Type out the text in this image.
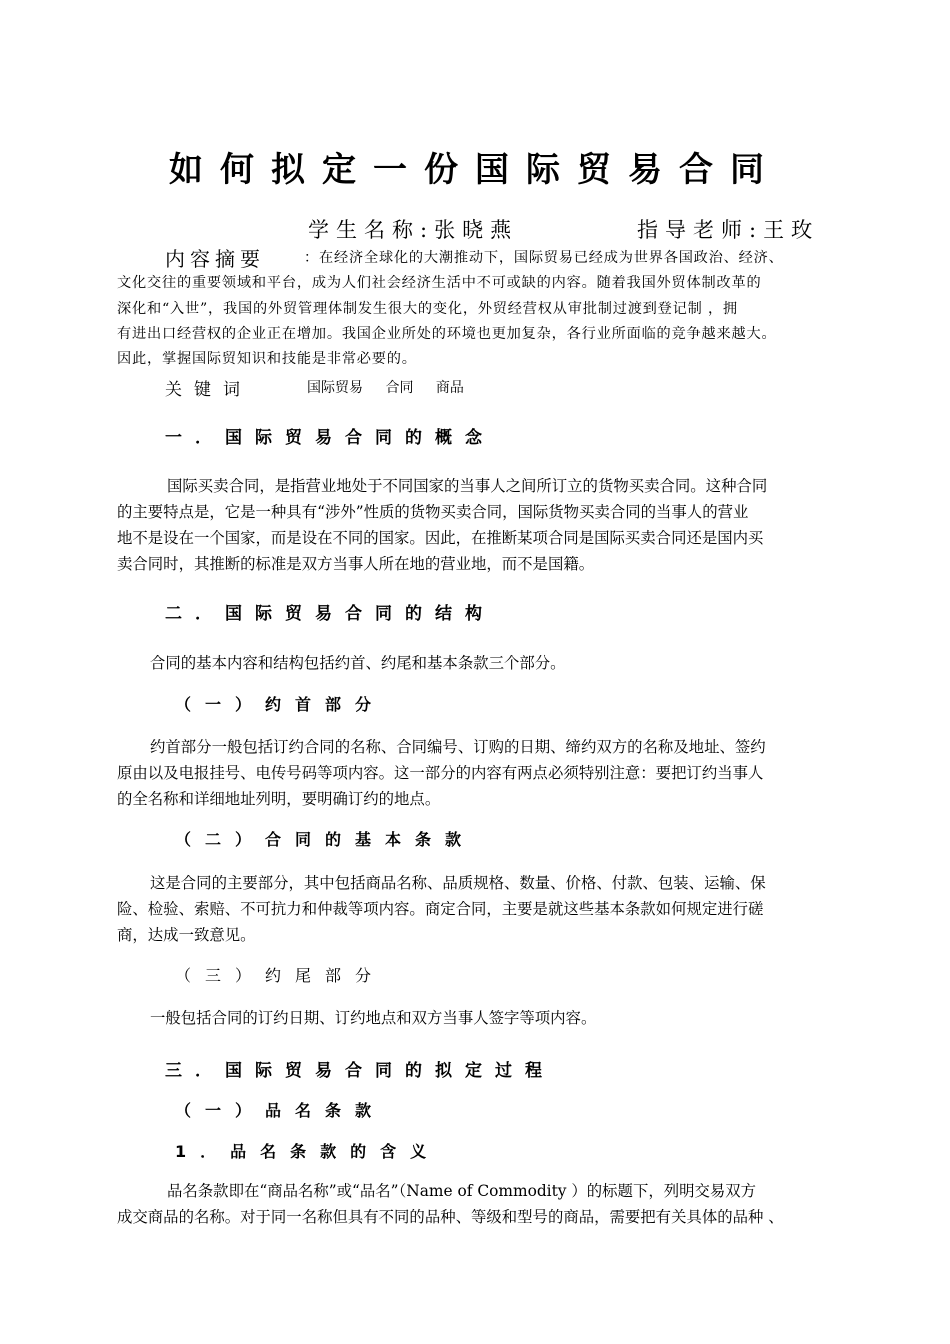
如何拟定一份国际贸易合同
学生名称:张晓燕	指导老师:王玫
内容摘要	：在经济全球化的大潮推动下，国际贸易已经成为世界各国政治、经济、
文化交往的重要领域和平台，成为人们社会经济生活中不可或缺的内容。随着我国外贸体制改革的
深化和“入世”，我国的外贸管理体制发生很大的变化，外贸经营权从审批制过渡到登记制 ，拥
有进出口经营权的企业正在增加。我国企业所处的环境也更加复杂，各行业所面临的竞争越来越大。
因此，掌握国际贸知识和技能是非常必要的。
关键词	国际贸易 合同 商品
一．国际贸易合同的概念
国际买卖合同，是指营业地处于不同国家的当事人之间所订立的货物买卖合同。这种合同
的主要特点是，它是一种具有“涉外”性质的货物买卖合同，国际货物买卖合同的当事人的营业
地不是设在一个国家，而是设在不同的国家。因此，在推断某项合同是国际买卖合同还是国内买
卖合同时，其推断的标准是双方当事人所在地的营业地，而不是国籍。
二．国际贸易合同的结构
合同的基本内容和结构包括约首、约尾和基本条款三个部分。
（一）约首部分
约首部分一般包括订约合同的名称、合同编号、订购的日期、缔约双方的名称及地址、签约
原由以及电报挂号、电传号码等项内容。这一部分的内容有两点必须特别注意：要把订约当事人
的全名称和详细地址列明，要明确订约的地点。
（二）合同的基本条款
这是合同的主要部分，其中包括商品名称、品质规格、数量、价格、付款、包装、运输、保
险、检验、索赔、不可抗力和仲裁等项内容。商定合同，主要是就这些基本条款如何规定进行磋
商，达成一致意见。
（三）约尾部分
一般包括合同的订约日期、订约地点和双方当事人签字等项内容。
三．国际贸易合同的拟定过程
（一）品名条款
1．品名条款的含义
品名条款即在“商品名称”或“品名”（Name of Commodity ）的标题下，列明交易双方
成交商品的名称。对于同一名称但具有不同的品种、等级和型号的商品，需要把有关具体的品种 、
